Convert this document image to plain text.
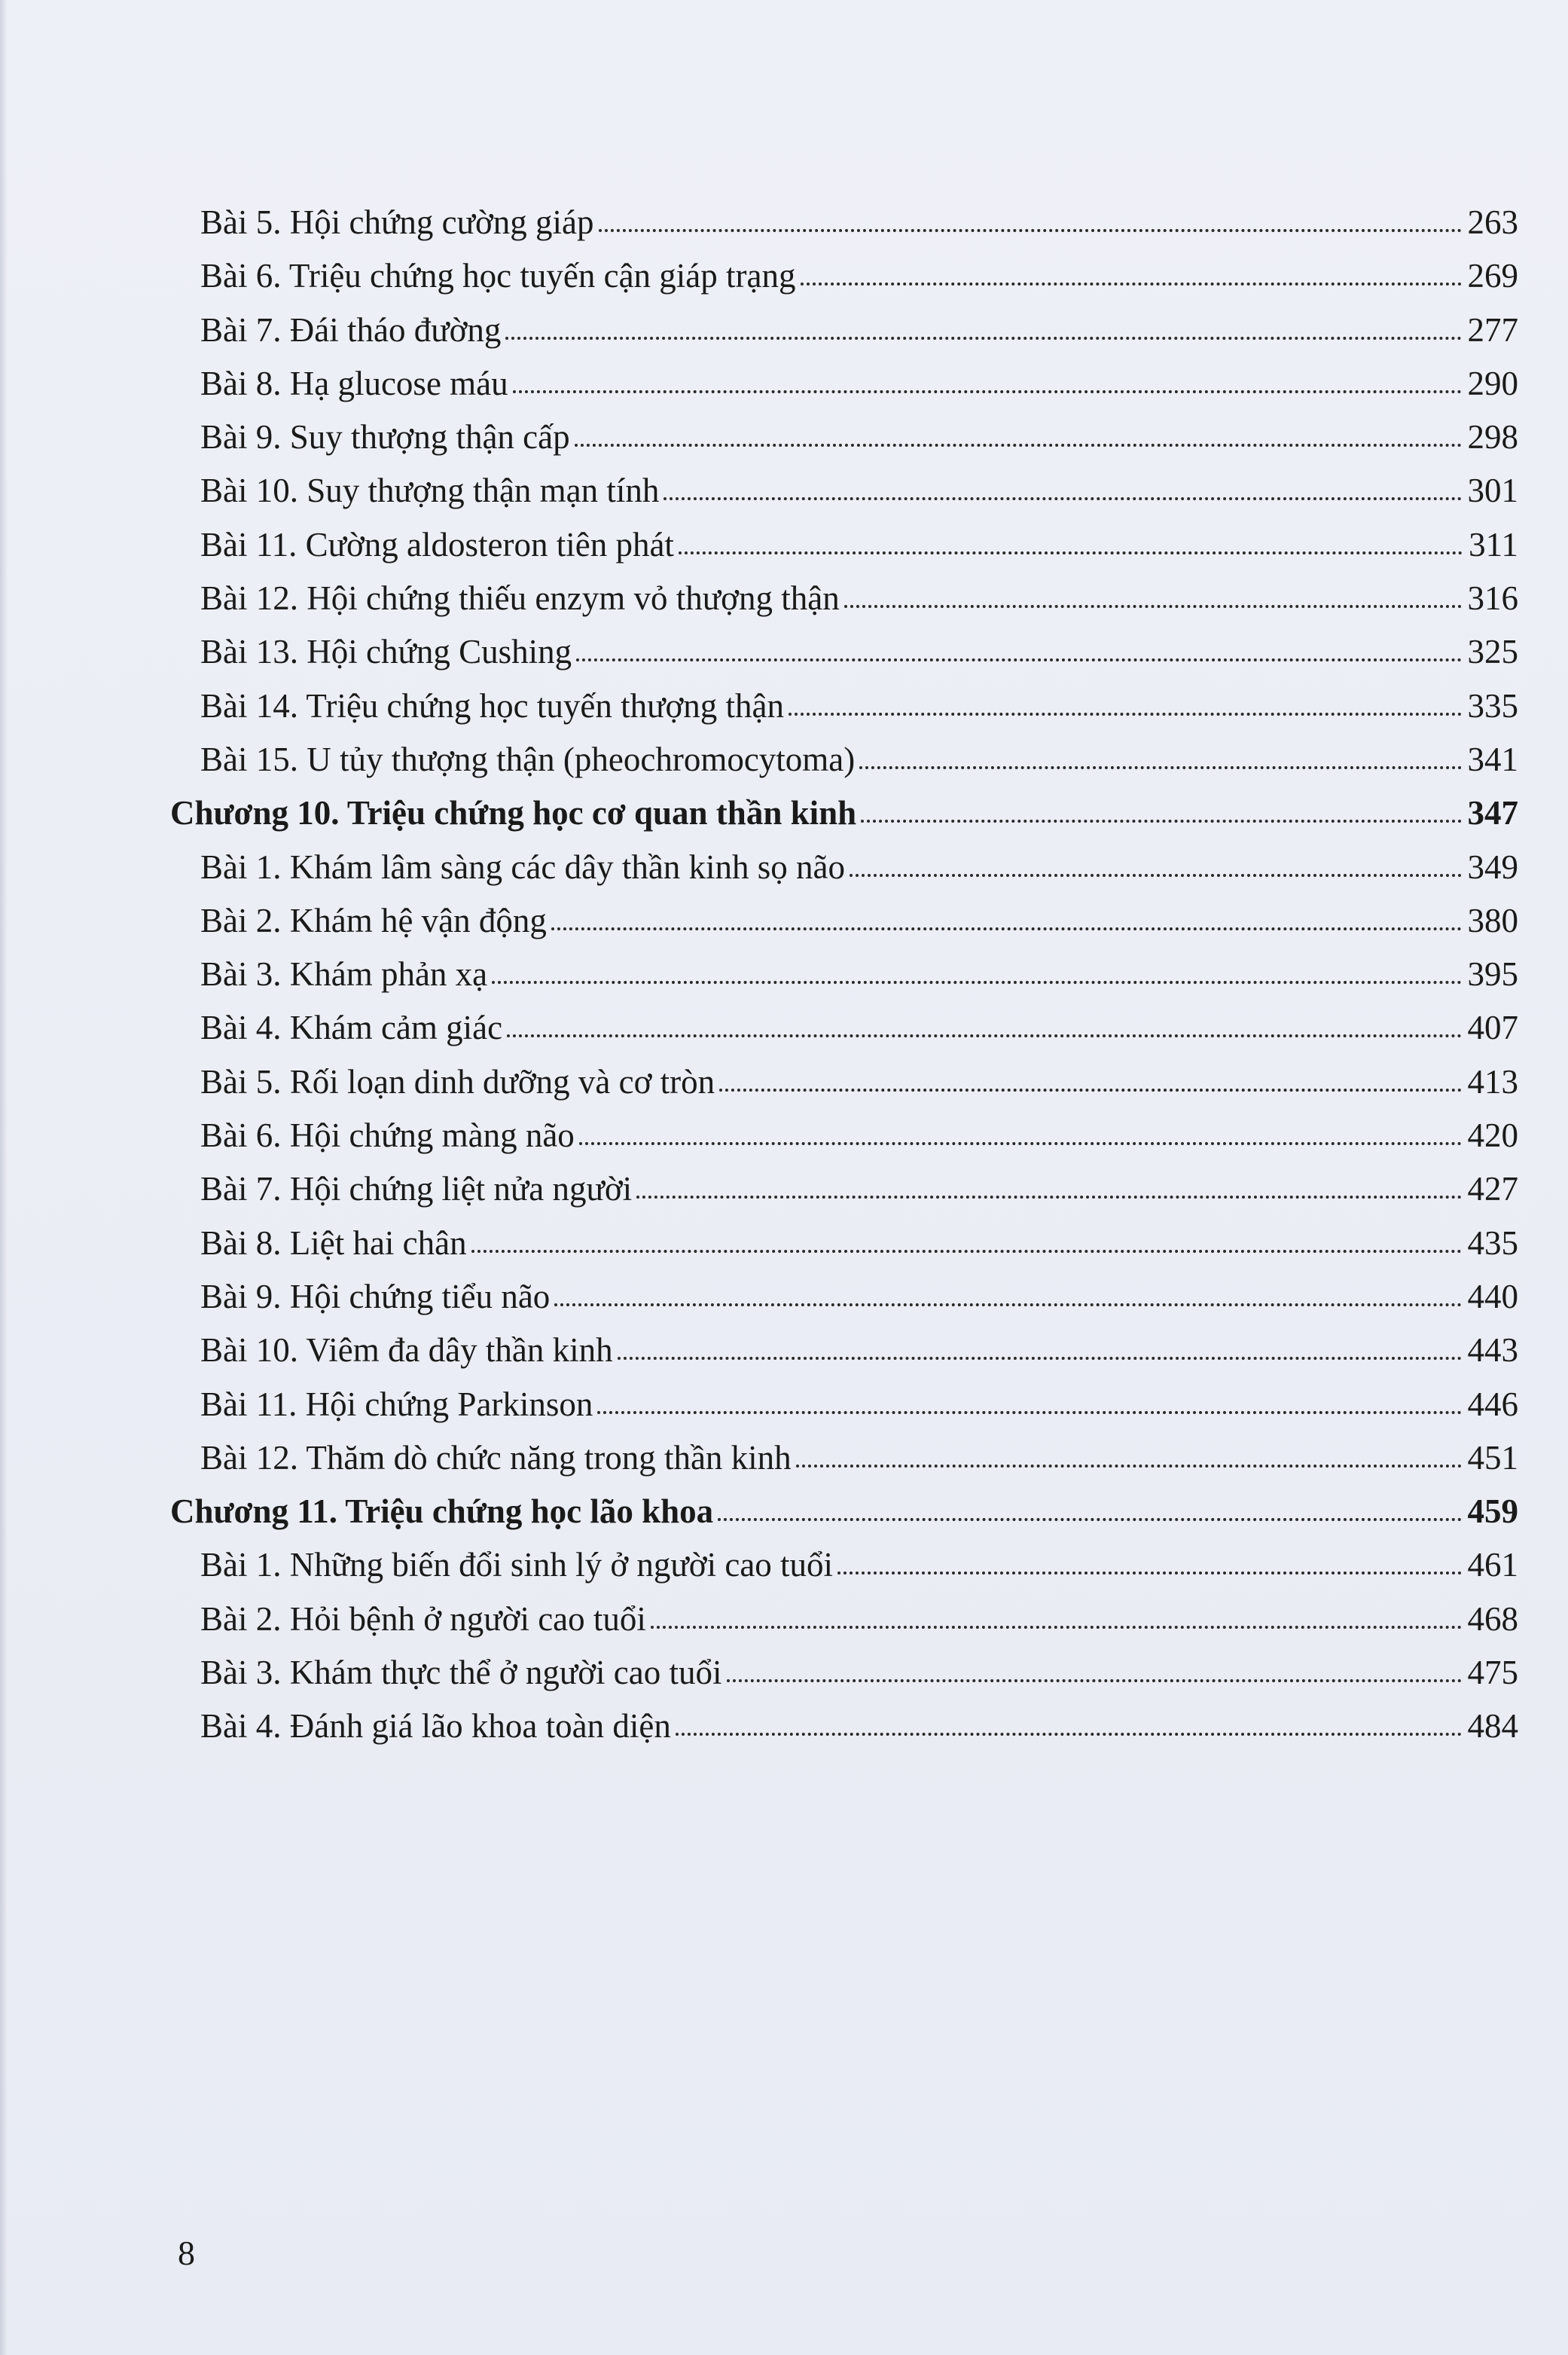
Bài 5. Hội chứng cường giáp	263
Bài 6. Triệu chứng học tuyến cận giáp trạng	269
Bài 7. Đái tháo đường	277
Bài 8. Hạ glucose máu	290
Bài 9. Suy thượng thận cấp	298
Bài 10. Suy thượng thận mạn tính	301
Bài 11. Cường aldosteron tiên phát	311
Bài 12. Hội chứng thiếu enzym vỏ thượng thận	316
Bài 13. Hội chứng Cushing	325
Bài 14. Triệu chứng học tuyến thượng thận	335
Bài 15. U tủy thượng thận (pheochromocytoma)	341
Chương 10. Triệu chứng học cơ quan thần kinh	347
Bài 1. Khám lâm sàng các dây thần kinh sọ não	349
Bài 2. Khám hệ vận động	380
Bài 3. Khám phản xạ	395
Bài 4. Khám cảm giác	407
Bài 5. Rối loạn dinh dưỡng và cơ tròn	413
Bài 6. Hội chứng màng não	420
Bài 7. Hội chứng liệt nửa người	427
Bài 8. Liệt hai chân	435
Bài 9. Hội chứng tiểu não	440
Bài 10. Viêm đa dây thần kinh	443
Bài 11. Hội chứng Parkinson	446
Bài 12. Thăm dò chức năng trong thần kinh	451
Chương 11. Triệu chứng học lão khoa	459
Bài 1. Những biến đổi sinh lý ở người cao tuổi	461
Bài 2. Hỏi bệnh ở người cao tuổi	468
Bài 3. Khám thực thể ở người cao tuổi	475
Bài 4. Đánh giá lão khoa toàn diện	484
8
